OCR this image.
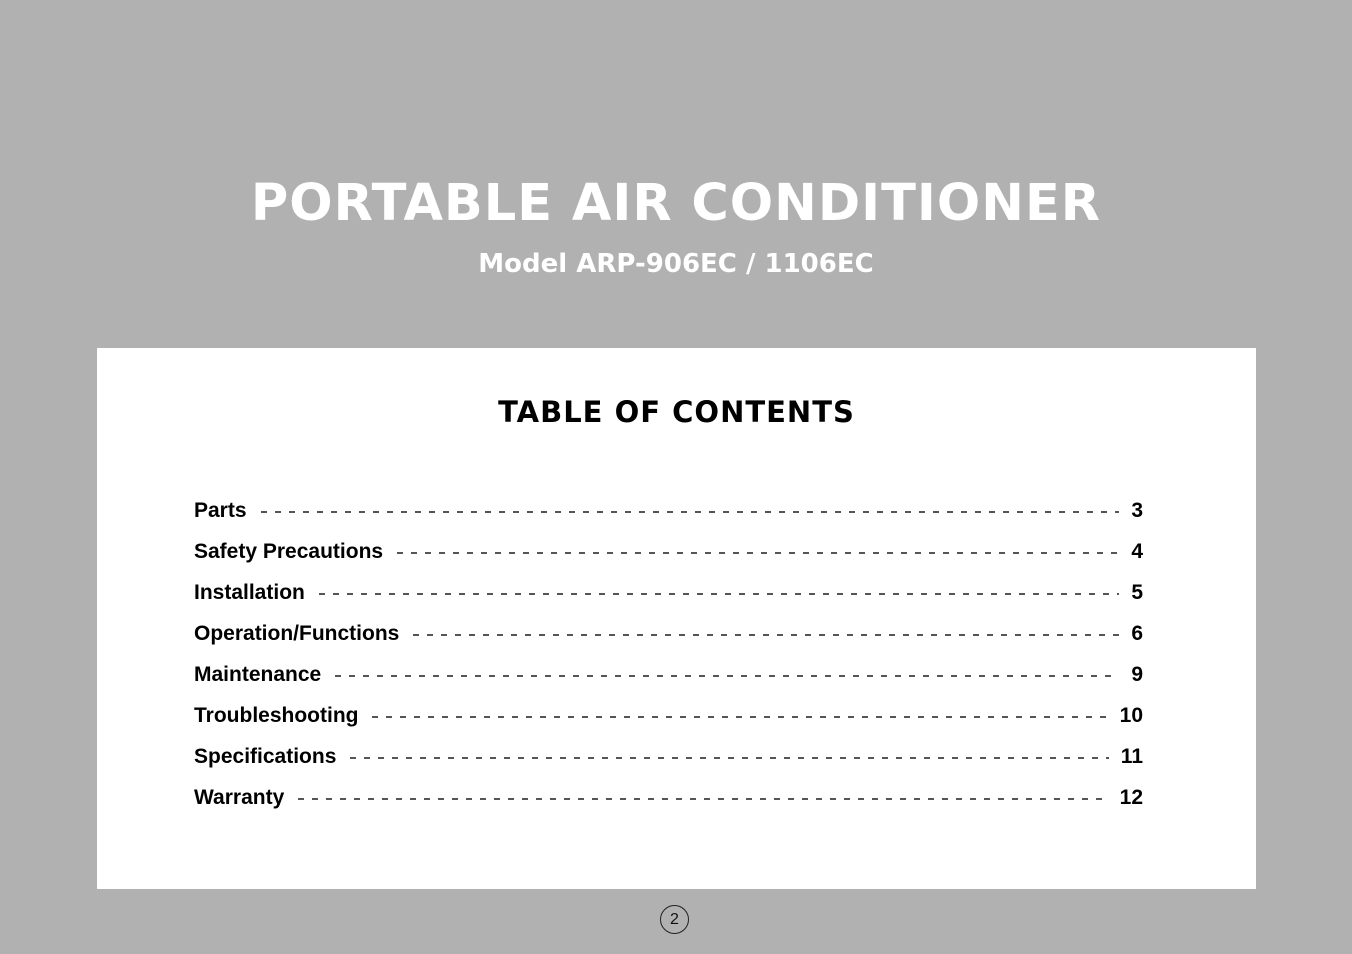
PORTABLE AIR CONDITIONER
Model ARP-906EC / 1106EC
TABLE OF CONTENTS
Parts	3
Safety Precautions	4
Installation	5
Operation/Functions	6
Maintenance	9
Troubleshooting	10
Specifications	11
Warranty	12
2
